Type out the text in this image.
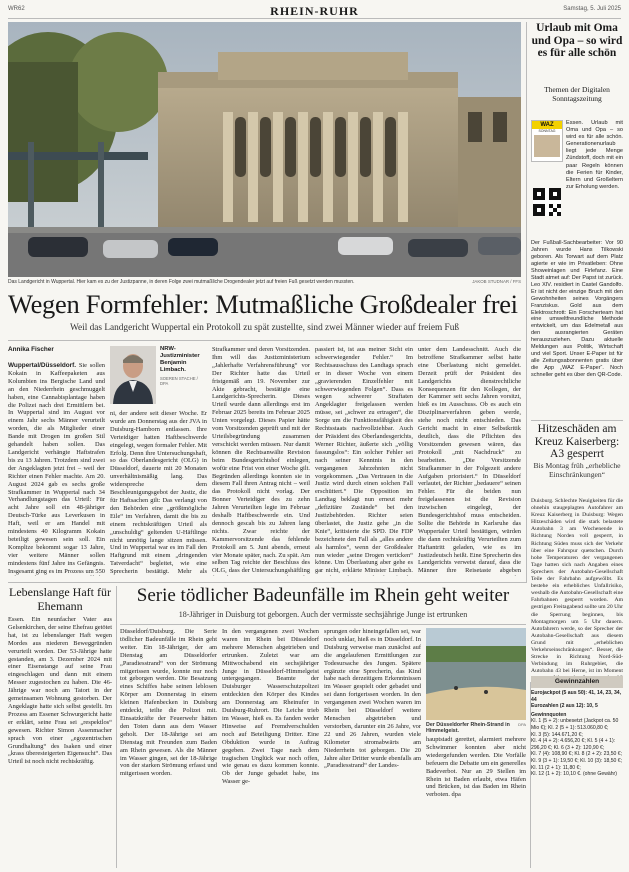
WR62	RHEIN-RUHR	Samstag, 5. Juli 2025
Das Landgericht in Wuppertal. Hier kam es zu der Justizpanne, in deren Folge zwei mutmaßliche Drogendealer jetzt auf freien Fuß gesetzt werden mussten.	JAKOB STUDNAR / FFS
Wegen Formfehler: Mutmaßliche Großdealer frei
Weil das Landgericht Wuppertal ein Protokoll zu spät zustellte, sind zwei Männer wieder auf freiem Fuß
Annika Fischer
Wuppertal/Düsseldorf. Sie sollen Kokain in Kaffeepaketen aus Kolumbien ins Bergische Land und an den Niederrhein geschmuggelt haben, eine Cannabisplantage haben die Polizei nach drei Ermittlern bei. In Wuppertal sind im August vor einem Jahr sechs Männer verurteilt worden, die als Mitglieder einer Bande mit Drogen im großen Stil gehandelt haben sollen. Das Landgericht verhängte Haftstrafen bis zu 13 Jahren. Trotzdem sind zwei der Angeklagten jetzt frei – weil der Richter einen Fehler machte. Am 20. August 2024 gab es sechs große Strafkammer in Wuppertal nach 34 Verhandlungstagen das Urteil: Für acht Jahre soll ein 48-jähriger Deutsch-Türke aus Leverkusen in Haft, weil er am Handel mit mindestens 40 Kilogramm Kokain beteiligt gewesen sein soll. Ein Komplize bekommt sogar 13 Jahre, vier weitere Männer sollen mindestens fünf Jahre ins Gefängnis. Insgesamt ging es im Prozess um 550
NRW-Justizminister Benjamin Limbach.
SOEREN STACHE / DPA
ni, der andere seit dieser Woche. Er wurde am Donnerstag aus der JVA in Duisburg-Hamborn entlassen. Ihre Verteidiger hatten Haftbeschwerde eingelegt, wegen formaler Fehler. Mit Erfolg. Denn ihre Untersuchungshaft, so das Oberlandesgericht (OLG) in Düsseldorf, dauerte mit 20 Monaten unverhältnismäßig lang. Das widerspreche dem Beschleunigungsgebot der Justiz, die für Haftsachen gilt: Das verlangt von den Behörden eine „größtmögliche Eile“ im Verfahren, damit die bis zu einem rechtskräftigen Urteil als „unschuldig“ geltenden U-Häftlinge nicht unnötig lange sitzen müssen. Und in Wuppertal war es im Fall den Haftgrund mit einem „dringenden Tatverdacht“ begleitet, wie eine Sprecherin bestätigt. Mehr als
Strafkammer und deren Vorsitzenden. Ihm will das Justizministerium „Jahlerhafte Verfahrensführung“ vor Der Richter hatte das Urteil fristgemäß am 19. November zur Akte gebracht, bestätigte eine Landgerichts-Sprecherin. Dieses Urteil wurde dann allerdings erst im Februar 2025 bereits im Februar 2025 Unten vorgelegt. Dieses Papier hätte vom Vorsitzenden geprüft und mit der Urteilsbegründung zusammen verschickt werden müssen. Nur damit können die Rechtsanwälte Revision beim Bundesgerichtshof einlegen, wofür eine Frist von einer Woche gilt. Begründen allerdings konnten sie in diesem Fall ihren Antrag nicht – weil das Protokoll nicht vorlag. Der Bonner Verteidiger des zu zehn Jahren Verurteilten legte im Februar deshalb Haftbeschwerde ein. Und dennoch gescah bis zu Jahren lang nichts. Zwar reichte der Kammervorsitzende das fehlende Protokoll am 5. Juni abends, erneut vier Monate später, nach. Zu spät. Am selben Tag reichte der Beschluss des OLG, dass der Untersuchungshäftling
passiert ist, ist aus meiner Sicht ein schwerwiegender Fehler.“ Im Rechtsausschuss des Landtags sprach er in dieser Woche von einem „gravierenden Einzelfehler mit schwerwiegenden Folgen“. Dass es wegen schwerer Straftaten Angeklagter freigelassen werden müsse, sei „schwer zu ertragen“, die Sorge um die Funktionsfähigkeit des Rechtsstaats nachvollziehbar. Auch der Präsident des Oberlandesgerichts, Werner Richter, äußerte sich „völlig fassungslos“: Ein solcher Fehler sei nach seiner Kenntnis in den vergangenen Jahrzehnten nicht vorgekommen. „Das Vertrauen in die Justiz wird durch einen solchen Fall erschüttert.“ Die Opposition im Landtag beklagt nun erneut mehr „defizitäre Zustände“ bei den Justizbehörden. Richter seien überlastet, die Justiz gehe „in die Knie“, kritisierte die SPD. Die FDP bezeichnete den Fall als „alles andere als harmlos“, wenn der Großdealer nun wieder „seine Drogen verticken“ könne. Um Überlastung aber gehe es gar nicht, erklärte Minister Limbach.
unter dem Landesschnitt. Auch die betroffene Strafkammer selbst hatte eine Überlastung nicht gemeldet. Derzeit prüft der Präsident des Landgerichts dienstrechtliche Konsequenzen für den Kollegen, der der Kammer seit sechs Jahren vorsitzt, hieß es im Ausschuss. Ob es auch ein Disziplinarverfahren geben werde, stehe noch nicht entschieden. Das Gericht macht in einer Selbstkritik deutlich, dass die Pflichten des Vorsitzenden gewesen wären, das Protokoll „mit Nachdruck“ zu bearbeiten. „Die Vorsitzende Strafkammer in der Folgezeit andere Aufgaben priorisiert.“ In Düsseldorf verlautet, der Richter „bedauere“ seinen Fehler. Für die beiden nun freigelassenen ist die Revision inzwischen eingelegt, der Bundesgerichtshof muss entscheiden. Sollte die Behörde in Karlsruhe das Wuppertaler Urteil bestätigen, würden die dann rechtskräftig Verurteilten zum Haftantritt geladen, wie es im Justizdeutsch heißt. Eine Sprecherin des Landgerichts verweist darauf, dass die Männer ihre Reisetaste abgeben
Urlaub mit Oma und Opa – so wird es für alle schön
Themen der Digitalen Sonntagszeitung
WAZ
SONNTAG
Essen. Urlaub mit Oma und Opa – so wird es für alle schön. Generationenurlaub liegt jede Menge Zündstoff, doch mit ein paar Regeln können die Ferien für Kinder, Eltern und Großeltern zur Erholung werden.
Der Fußball-Sachbearbeiter: Vor 90 Jahren wurde Hans Tilkowski geboren. Als Torwart auf dem Platz agierte er wie im Privatleben: Ohne Showeinlagen und Firlefanz. Eine Stadt atmet auf: Der Papst ist zurück. Leo XIV. residiert in Castel Gandolfo. Er ist nicht der einzige Bruch mit den Gewohnheiten seines Vorgängers Franziskus. Gold aus dem Elektroschrott: Ein Forscherteam hat eine umweltfreundliche Methode entwickelt, um das Edelmetall aus den ausrangierten Geräten herauszuziehen. Dazu aktuelle Meldungen aus Politik, Wirtschaft und viel Sport. Unser E-Paper ist für alle Zeitungsabonnenten gratis über die App „WAZ E-Paper“. Noch schneller geht es über den QR-Code.
Hitzeschäden am Kreuz Kaiserberg: A3 gesperrt
Bis Montag früh „erhebliche Einschränkungen“
Duisburg. Schlechte Neuigkeiten für die ohnehin staugeplagten Autofahrer am Kreuz Kaiserberg in Duisburg: Wegen Hitzeschäden wird die stark belastete Autobahn 3 am Wochenende in Richtung Norden voll gesperrt, in Richtung Süden muss sich der Verkehr über eine Fahrspur quetschen. Durch hohe Temperaturen der vergangenen Tage hatten sich nach Angaben eines Sprechers der Autobahn-Gesellschaft Teile der Fahrbahn aufgewölbt. Es bestehe ein erhebliches Unfallrisiko, weshalb die Autobahn-Gesellschaft eine Fahrbahnen gesperrt worden. Am gestrigen Freitagabend sollte um 20 Uhr die Sperrung beginnen, bis Montagmorgen um 5 Uhr dauern. Autofahrern werde, so der Sprecher der Autobahn-Gesellschaft aus diesem Grund mit „erheblichen Verkehrseinschränkungen“. Besser, die Strecke in Richtung Nord-Süd-Verbindung im Ruhrgebiet, die Autobahn 43 bei Herne, ist im Moment
Lebenslange Haft für Ehemann
Essen. Ein neunfacher Vater aus Gelsenkirchen, der seine Ehefrau getötet hat, ist zu lebenslanger Haft wegen Mordes aus niederen Beweggründen verurteilt worden. Der 53-Jährige hatte gestanden, am 3. Dezember 2024 mit einer Eisenstange auf seine Frau eingeschlagen und dann mit einem Messer zugestochen zu haben. Die 46-Jährige war noch am Tatort in der gemeinsamen Wohnung gestorben. Der Angeklagte hatte sich selbst gestellt. Im Prozess am Essener Schwurgericht hatte er erklärt, seine Frau sei „respektlos“ gewesen. Richter Simon Assenmacher sprach von einer „egozentrischen Grundhaltung“ des Isaken und einer „krass überesteigerten Eigensucht“. Das Urteil ist noch nicht rechtskräftig.
Serie tödlicher Badeunfälle im Rhein geht weiter
18-Jähriger in Duisburg tot geborgen. Auch der vermisste sechsjährige Junge ist ertrunken
Düsseldorf/Duisburg. Die Serie tödlicher Badeunfälle im Rhein geht weiter. Ein 18-Jähriger, der am Dienstag am Düsseldorfer „Paradiesstrand“ von der Strömung mitgerissen wurde, konnte nur noch tot geborgen werden. Die Besatzung eines Schiffes habe seinen leblosen Körper am Donnerstag in einem kleinen Hafenbecken in Duisburg entdeckt, teilte die Polizei mit. Einsatzkräfte der Feuerwehr hätten den Toten dann aus dem Wasser geholt. Der 18-Jährige sei am Dienstag mit Freunden zum Baden am Rhein gewesen. Als die Männer im Wasser gingen, sei der 18-Jährige von der starken Strömung erfasst und mitgerissen worden.
In den vergangenen zwei Wochen waren im Rhein bei Düsseldorf mehrere Menschen abgetrieben und ertrunken. Zuletzt war am Mittwochabend ein sechsjähriger Junge in Düsseldorf-Himmelgeist untergegangen. Beamte der Duisburger Wasserschutzpolizei entdeckten den Körper des Kindes am Donnerstag am Rheinufer in Duisburg-Ruhrort. Die Leiche trieb im Wasser, hieß es. Es fanden weder Hinweise auf Fremdverschulden noch auf Beteiligung Dritter. Eine Obduktion wurde in Auftrag gegeben. Zwei Tage nach dem tragischen Unglück war noch offen, wie genau es dazu kommen konnte. Ob der Junge gebadet habe, ins Wasser ge-
sprungen oder hineingefallen sei, war noch unklar, hieß es in Düsseldorf. In Duisburg verweise man zunächst auf die angelaufenen Ermittlungen zur Todesursache des Jungen. Spätere ergänzte eine Sprecherin, das Kind habe nach derzeitigem Erkenntnissen im Wasser gespielt oder gebadet und sei dann fortgerissen worden. In den vergangenen zwei Wochen waren im Rhein bei Düsseldorf weitere Menschen abgetrieben und verstorben, darunter ein 26 Jahre, vor 22 und 26 Jahren, wurden viele Kilometer stromabwärts am Niederrhein tot geborgen. Die 20 Jahre alter Dritter wurde ebenfalls am „Paradiesstrand“ der Landes-
Der Düsseldorfer Rhein-Strand in Himmelgeist.
DPA
hauptstadt gerettet, alarmiert mehrere Schwimmer konnten aber nicht wiedergefunden werden. Die Vorfälle befeuern die Debatte um ein generelles Badeverbot. Nur an 29 Stellen im Rhein ist Baden erlaubt, etwa Häfen und Brücken, ist das Baden im Rhein verboten. dpa
Gewinnzahlen
Eurojackpot (5 aus 50): 41, 14, 23, 34, 44
Eurozahlen (2 aus 12): 10, 5
Gewinnquoten
Kl. 1 (5 + 2): unbesetzt (Jackpot ca. 50 Mio €); Kl. 2 (5 + 1): 513.060,80 €;
Kl. 3 (5): 144.671,20 €;
Kl. 4 (4 + 2): 4.656,20 €; Kl. 5 (4 + 1): 296,20 €; Kl. 6 (3 + 2): 120,90 €;
Kl. 7 (4): 108,90 €; Kl. 8 (2 + 2): 23,50 €;
Kl. 9 (3 + 1): 19,50 €; Kl. 10 (3): 18,50 €;
Kl. 11 (2 + 1): 11,80 €;
Kl. 12 (1 + 2): 10,10 €. (ohne Gewähr)
